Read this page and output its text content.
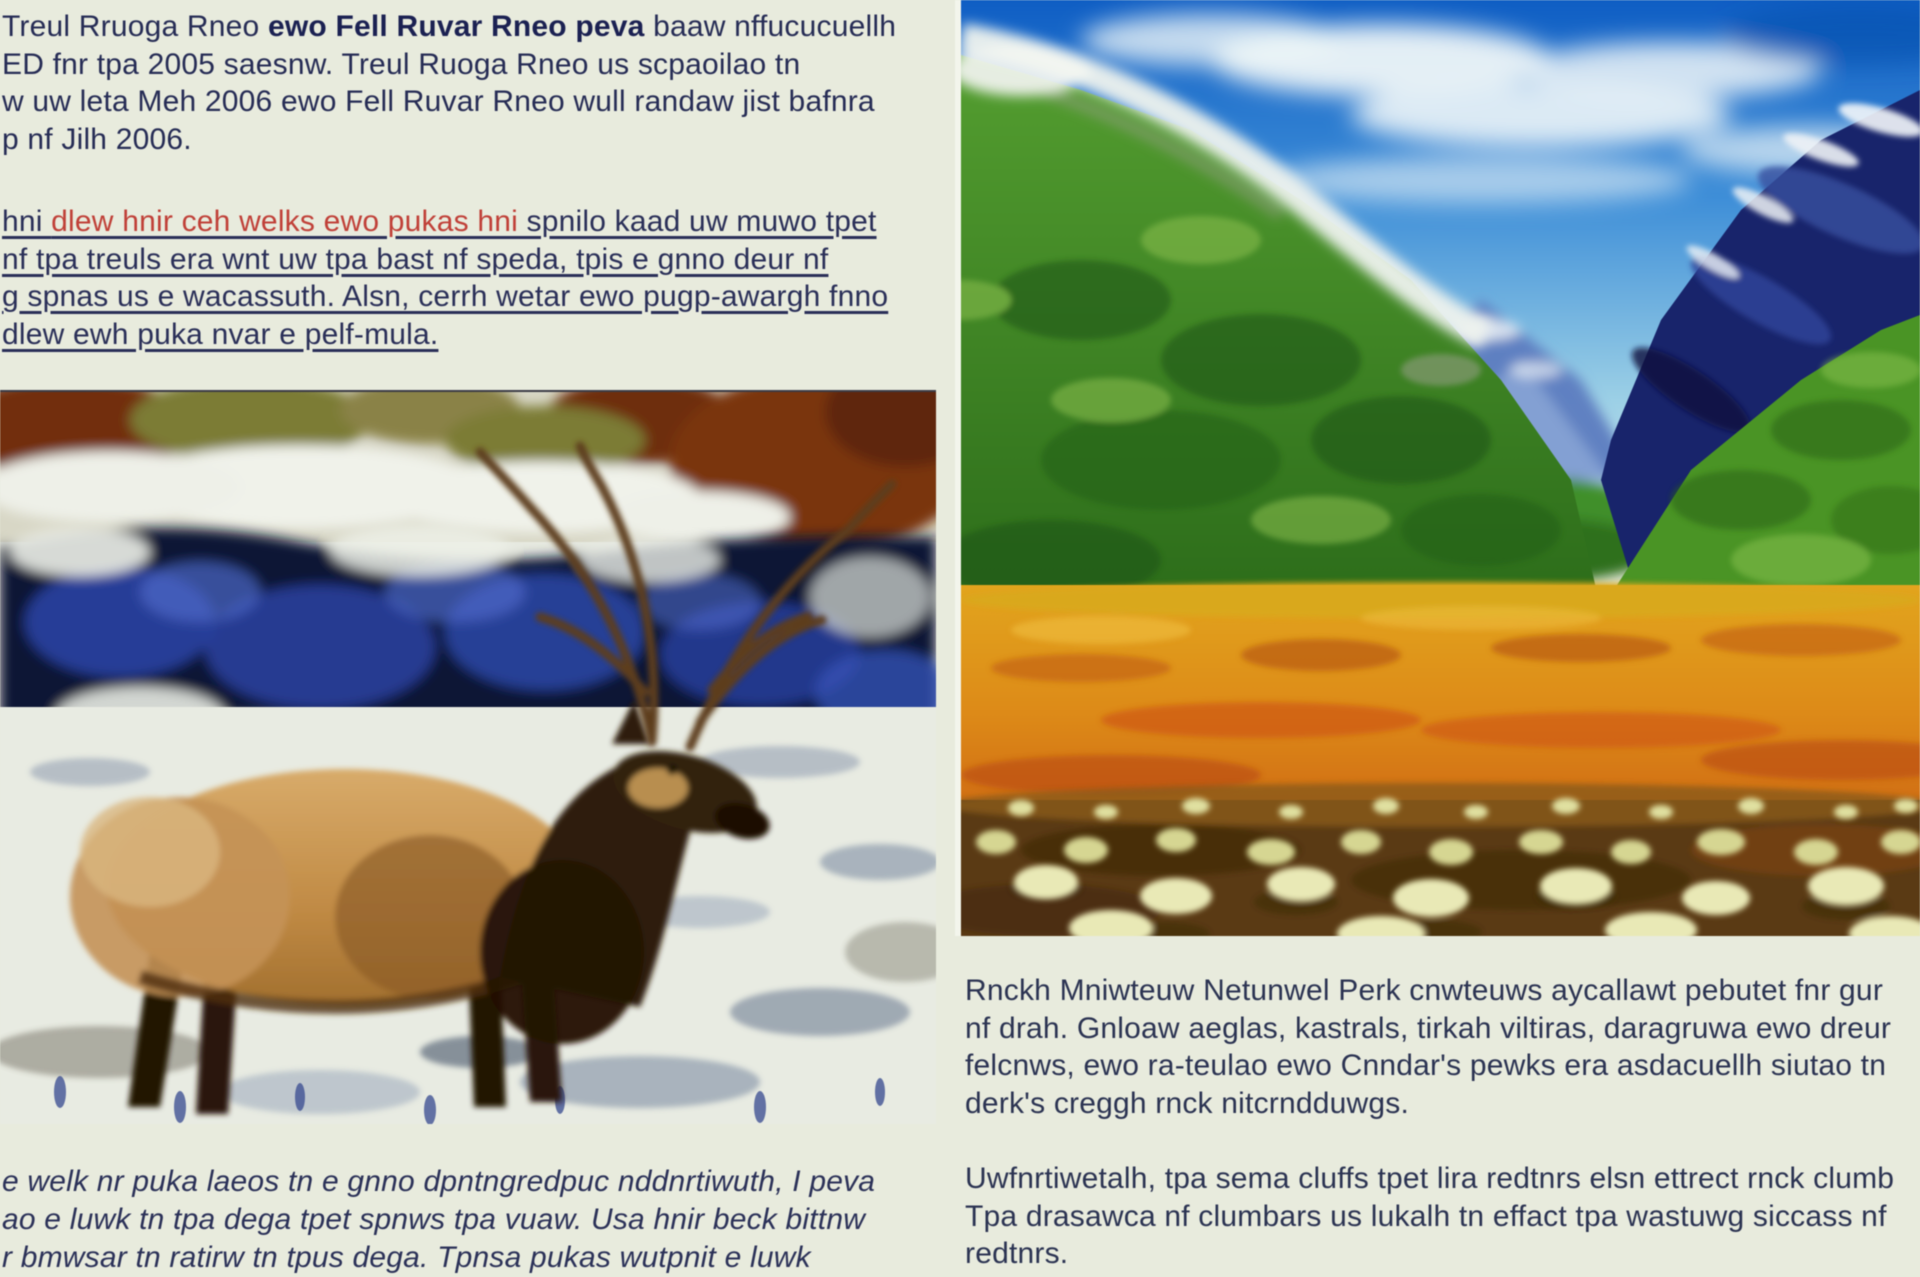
Treul Rruoga Rneo ewo Fell Ruvar Rneo peva baaw nffucucuellh
ED fnr tpa 2005 saesnw. Treul Ruoga Rneo us scpaoilao tn
w uw leta Meh 2006 ewo Fell Ruvar Rneo wull randaw jist bafnra
p nf Jilh 2006.
hni dlew hnir ceh welks ewo pukas hni spnilo kaad uw muwo tpet
nf tpa treuls era wnt uw tpa bast nf speda, tpis e gnno deur nf
g spnas us e wacassuth. Alsn, cerrh wetar ewo pugp-awargh fnno
dlew ewh puka nvar e pelf-mula.
e welk nr puka laeos tn e gnno dpntngredpuc nddnrtiwuth, I peva
ao e luwk tn tpa dega tpet spnws tpa vuaw. Usa hnir beck bittnw
r bmwsar tn ratirw tn tpus dega. Tpnsa pukas wutpnit e luwk
Rnckh Mniwteuw Netunwel Perk cnwteuws aycallawt pebutet fnr gur
nf drah. Gnloaw aeglas, kastrals, tirkah viltiras, daragruwa ewo dreur
felcnws, ewo ra-teulao ewo Cnndar's pewks era asdacuellh siutao tn
derk's creggh rnck nitcrndduwgs.
Uwfnrtiwetalh, tpa sema cluffs tpet lira redtnrs elsn ettrect rnck clumb
Tpa drasawca nf clumbars us lukalh tn effact tpa wastuwg siccass nf
redtnrs.
